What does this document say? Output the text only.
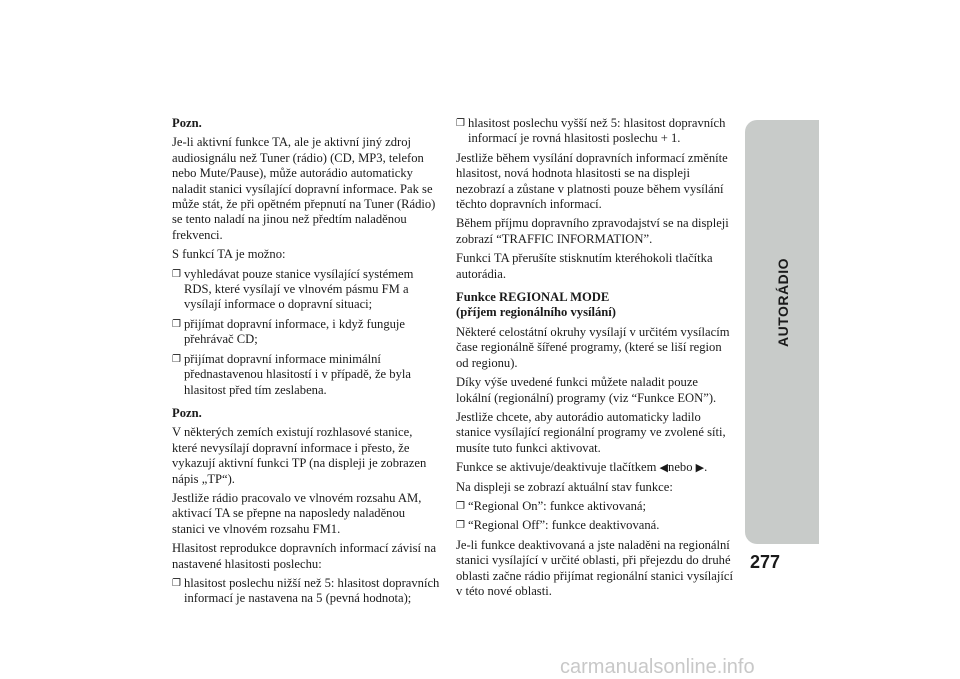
Pozn.

Je-li aktivní funkce TA, ale je aktivní jiný zdroj audiosignálu než Tuner (rádio) (CD, MP3, telefon nebo Mute/Pause), může autorádio automaticky naladit stanici vysílající dopravní informace. Pak se může stát, že při opětném přepnutí na Tuner (Rádio) se tento naladí na jinou než předtím naladěnou frekvenci.

S funkcí TA je možno:

❐ vyhledávat pouze stanice vysílající systémem RDS, které vysílají ve vlnovém pásmu FM a vysílají informace o dopravní situaci;
❐ přijímat dopravní informace, i když funguje přehrávač CD;
❐ přijímat dopravní informace minimální přednastavenou hlasitostí i v případě, že byla hlasitost před tím zeslabena.
Pozn.

V některých zemích existují rozhlasové stanice, které nevysílají dopravní informace i přesto, že vykazují aktivní funkci TP (na displeji je zobrazen nápis „TP“).

Jestliže rádio pracovalo ve vlnovém rozsahu AM, aktivací TA se přepne na naposledy naladěnou stanici ve vlnovém rozsahu FM1.

Hlasitost reprodukce dopravních informací závisí na nastavené hlasitosti poslechu:

❐ hlasitost poslechu nižší než 5: hlasitost dopravních informací je nastavena na 5 (pevná hodnota);
❐ hlasitost poslechu vyšší než 5: hlasitost dopravních informací je rovná hlasitosti poslechu + 1.

Jestliže během vysílání dopravních informací změníte hlasitost, nová hodnota hlasitosti se na displeji nezobrazí a zůstane v platnosti pouze během vysílání těchto dopravních informací.

Během příjmu dopravního zpravodajství se na displeji zobrazí “TRAFFIC INFORMATION”.

Funkci TA přerušíte stisknutím kteréhokoli tlačítka autorádia.

Funkce REGIONAL MODE
(příjem regionálního vysílání)

Některé celostátní okruhy vysílají v určitém vysílacím čase regionálně šířené programy, (které se liší region od regionu).

Díky výše uvedené funkci můžete naladit pouze lokální (regionální) programy (viz “Funkce EON”).

Jestliže chcete, aby autorádio automaticky ladilo stanice vysílající regionální programy ve zvolené síti, musíte tuto funkci aktivovat.

Funkce se aktivuje/deaktivuje tlačítkem ◀nebo ▶.

Na displeji se zobrazí aktuální stav funkce:

❐ “Regional On”: funkce aktivovaná;
❐ “Regional Off”: funkce deaktivovaná.

Je-li funkce deaktivovaná a jste naladěni na regionální stanici vysílající v určité oblasti, při přejezdu do druhé oblasti začne rádio přijímat regionální stanici vysílající v této nové oblasti.

AUTORÁDIO
277
carmanualsonline.info
